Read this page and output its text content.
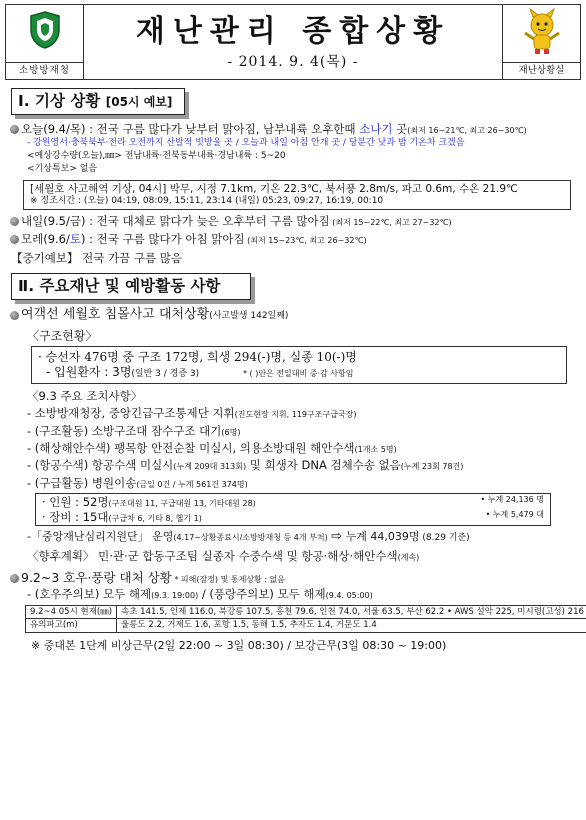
소방방재청
재난관리 종합상황
- 2014. 9. 4(목) -
재난상황실
Ⅰ. 기상 상황 [05시 예보]
오늘(9.4/목) : 전국 구름 많다가 낮부터 맑아짐, 남부내륙 오후한때 소나기 곳(최저 16~21℃, 최고 26~30℃)
- 강원영서·충북북부·전라 오전까지 산발적 빗방울 곳 / 오늘과 내일 아침 안개 곳 / 당분간 낮과 밤 기온차 크겠음
<예상강수량(오늘),㎜> 전남내륙·전북동부내륙·경남내륙 : 5~20
<기상특보> 없음
[세월호 사고해역 기상, 04시] 박무, 시정 7.1km, 기온 22.3℃, 북서풍 2.8m/s, 파고 0.6m, 수온 21.9℃
※ 정조시간 : (오늘) 04:19, 08:09, 15:11, 23:14 (내일) 05:23, 09:27, 16:19, 00:10
내일(9.5/금) : 전국 대체로 맑다가 늦은 오후부터 구름 많아짐 (최저 15~22℃, 최고 27~32℃)
모레(9.6/토) : 전국 구름 많다가 아침 맑아짐 (최저 15~23℃, 최고 26~32℃)
【중기예보】 전국 가끔 구름 많음
Ⅱ. 주요재난 및 예방활동 사항
여객선 세월호 침몰사고 대처상황(사고발생 142일째)
〈구조현황〉
· 승선자 476명 중 구조 172명, 희생 294(-)명, 실종 10(-)명
- 입원환자 : 3명(일반 3 / 경증 3)	* ( )안은 전일대비 증·감 사항임
〈9.3 주요 조치사항〉
- 소방방재청장, 중앙긴급구조통제단 지휘(진도현장 지휘, 119구조구급국장)
- (구조활동) 소방구조대 잠수구조 대기(6명)
- (해상해안수색) 팽목항 안전순찰 미실시, 의용소방대원 해안수색(1개소 5명)
- (항공수색) 항공수색 미실시(누계 209대 313회) 및 희생자 DNA 검체수송 없음(누계 23회 78건)
- (구급활동) 병원이송(금일 0건 / 누계 561건 374명)
· 인원 : 52명(구조대원 11, 구급대원 13, 기타대원 28)	• 누계 24,136 명
· 장비 : 15대(구급차 6, 기타 8, 헬기 1)	• 누계 5,479 대
-「중앙재난심리지원단」 운영(4.17~상황종료시/소방방재청 등 4개 부처) ⇨ 누계 44,039명 (8.29 기준)
〈향후계획〉 민·관·군 합동구조팀 실종자 수중수색 및 항공·해상·해안수색(계속)
9.2~3 호우·풍랑 대처 상황 * 피해(잠정) 및 통제상황 : 없음
- (호우주의보) 모두 해제(9.3. 19:00) / (풍랑주의보) 모두 해제(9.4. 05:00)
9.2~4 05시 현재(㎜)	속초 141.5, 인제 116.0, 북강릉 107.5, 홍천 79.6, 인천 74.0, 서울 63.5, 부산 62.2 • AWS 설악 225, 미시령(고성) 216
유의파고(m)	울릉도 2.2, 거제도 1.6, 포항 1.5, 동해 1.5, 추자도 1.4, 거문도 1.4
※ 중대본 1단계 비상근무(2일 22:00 ~ 3일 08:30) / 보강근무(3일 08:30 ~ 19:00)
